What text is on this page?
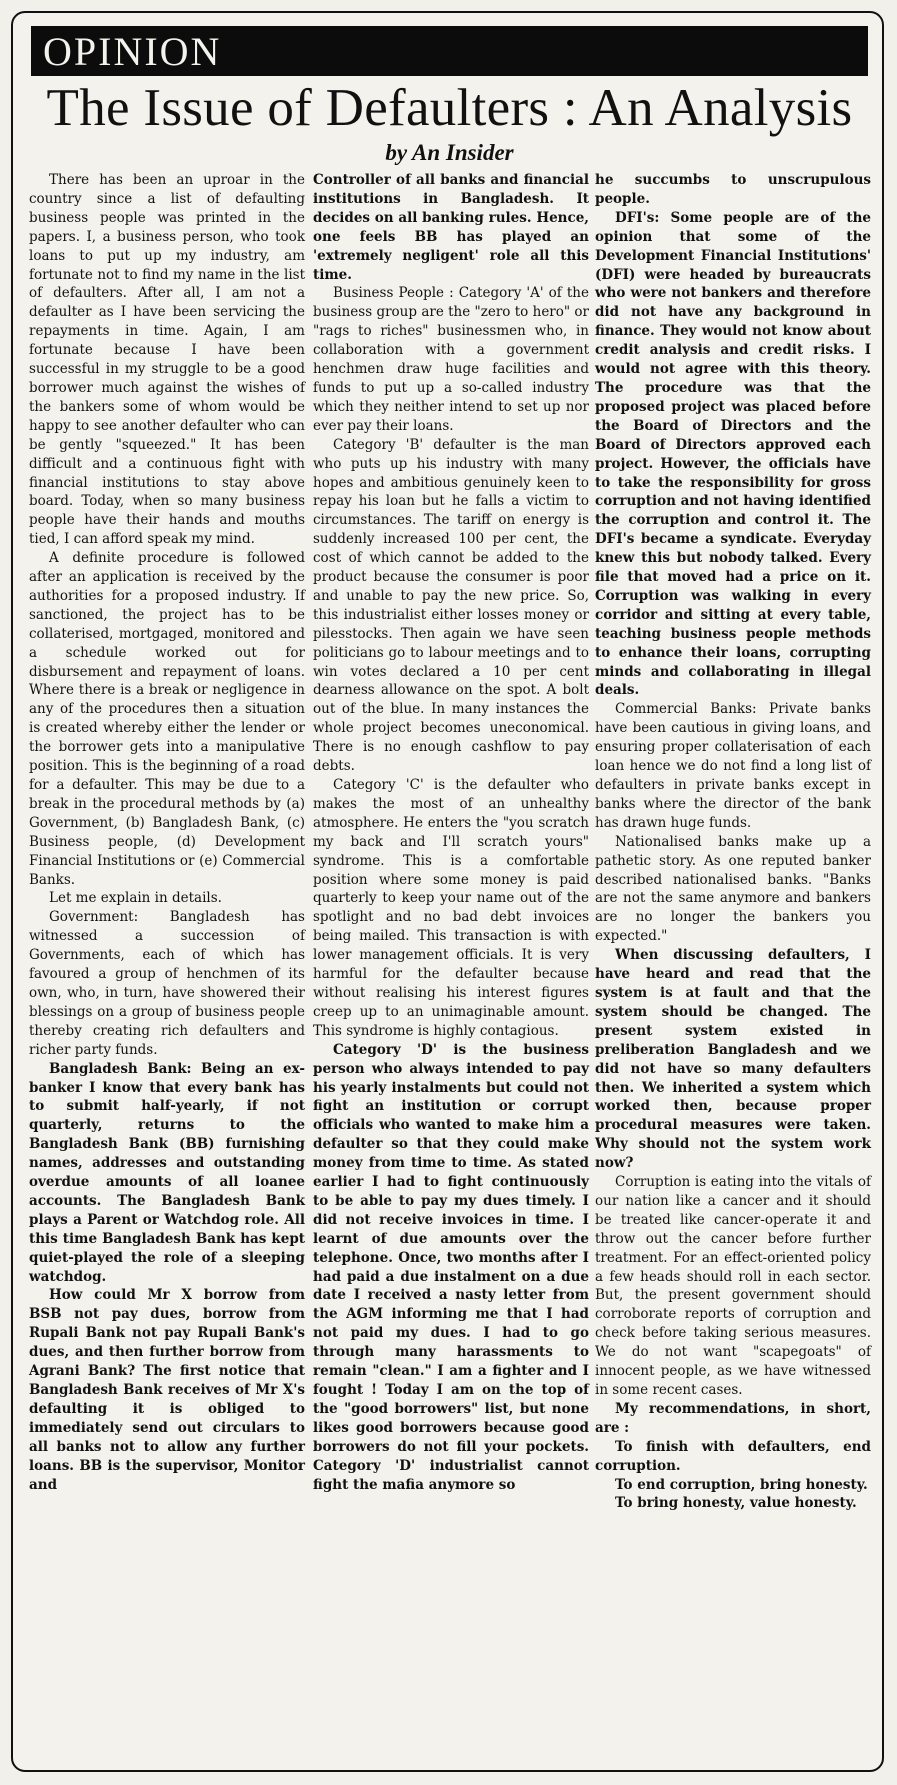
OPINION
The Issue of Defaulters : An Analysis
by An Insider

There has been an uproar in the country since a list of defaulting business people was printed in the papers. I, a business person, who took loans to put up my industry, am fortunate not to find my name in the list of defaulters. After all, I am not a defaulter as I have been servicing the repayments in time. Again, I am fortunate because I have been successful in my struggle to be a good borrower much against the wishes of the bankers some of whom would be happy to see another defaulter who can be gently "squeezed." It has been difficult and a continuous fight with financial institutions to stay above board. Today, when so many business people have their hands and mouths tied, I can afford speak my mind.

A definite procedure is followed after an application is received by the authorities for a proposed industry. If sanctioned, the project has to be collaterised, mortgaged, monitored and a schedule worked out for disbursement and repayment of loans. Where there is a break or negligence in any of the procedures then a situation is created whereby either the lender or the borrower gets into a manipulative position. This is the beginning of a road for a defaulter. This may be due to a break in the procedural methods by (a) Government, (b) Bangladesh Bank, (c) Business people, (d) Development Financial Institutions or (e) Commercial Banks.

Let me explain in details.

Government: Bangladesh has witnessed a succession of Governments, each of which has favoured a group of henchmen of its own, who, in turn, have showered their blessings on a group of business people thereby creating rich defaulters and richer party funds.

Bangladesh Bank: Being an ex-banker I know that every bank has to submit half-yearly, if not quarterly, returns to the Bangladesh Bank (BB) furnishing names, addresses and outstanding overdue amounts of all loanee accounts. The Bangladesh Bank plays a Parent or Watchdog role. All this time Bangladesh Bank has kept quiet-played the role of a sleeping watchdog.

How could Mr X borrow from BSB not pay dues, borrow from Rupali Bank not pay Rupali Bank's dues, and then further borrow from Agrani Bank? The first notice that Bangladesh Bank receives of Mr X's defaulting it is obliged to immediately send out circulars to all banks not to allow any further loans. BB is the supervisor, Monitor and

Controller of all banks and financial institutions in Bangladesh. It decides on all banking rules. Hence, one feels BB has played an 'extremely negligent' role all this time.

Business People : Category 'A' of the business group are the "zero to hero" or "rags to riches" businessmen who, in collaboration with a government henchmen draw huge facilities and funds to put up a so-called industry which they neither intend to set up nor ever pay their loans.

Category 'B' defaulter is the man who puts up his industry with many hopes and ambitious genuinely keen to repay his loan but he falls a victim to circumstances. The tariff on energy is suddenly increased 100 per cent, the cost of which cannot be added to the product because the consumer is poor and unable to pay the new price. So, this industrialist either losses money or pilesstocks. Then again we have seen politicians go to labour meetings and to win votes declared a 10 per cent dearness allowance on the spot. A bolt out of the blue. In many instances the whole project becomes uneconomical. There is no enough cashflow to pay debts.

Category 'C' is the defaulter who makes the most of an unhealthy atmosphere. He enters the "you scratch my back and I'll scratch yours" syndrome. This is a comfortable position where some money is paid quarterly to keep your name out of the spotlight and no bad debt invoices being mailed. This transaction is with lower management officials. It is very harmful for the defaulter because without realising his interest figures creep up to an unimaginable amount. This syndrome is highly contagious.

Category 'D' is the business person who always intended to pay his yearly instalments but could not fight an institution or corrupt officials who wanted to make him a defaulter so that they could make money from time to time. As stated earlier I had to fight continuously to be able to pay my dues timely. I did not receive invoices in time. I learnt of due amounts over the telephone. Once, two months after I had paid a due instalment on a due date I received a nasty letter from the AGM informing me that I had not paid my dues. I had to go through many harassments to remain "clean." I am a fighter and I fought ! Today I am on the top of the "good borrowers" list, but none likes good borrowers because good borrowers do not fill your pockets. Category 'D' industrialist cannot fight the mafia anymore so

he succumbs to unscrupulous people.

DFI's: Some people are of the opinion that some of the Development Financial Institutions' (DFI) were headed by bureaucrats who were not bankers and therefore did not have any background in finance. They would not know about credit analysis and credit risks. I would not agree with this theory. The procedure was that the proposed project was placed before the Board of Directors and the Board of Directors approved each project. However, the officials have to take the responsibility for gross corruption and not having identified the corruption and control it. The DFI's became a syndicate. Everyday knew this but nobody talked. Every file that moved had a price on it. Corruption was walking in every corridor and sitting at every table, teaching business people methods to enhance their loans, corrupting minds and collaborating in illegal deals.

Commercial Banks: Private banks have been cautious in giving loans, and ensuring proper collaterisation of each loan hence we do not find a long list of defaulters in private banks except in banks where the director of the bank has drawn huge funds.

Nationalised banks make up a pathetic story. As one reputed banker described nationalised banks. "Banks are not the same anymore and bankers are no longer the bankers you expected."

When discussing defaulters, I have heard and read that the system is at fault and that the system should be changed. The present system existed in preliberation Bangladesh and we did not have so many defaulters then. We inherited a system which worked then, because proper procedural measures were taken. Why should not the system work now?

Corruption is eating into the vitals of our nation like a cancer and it should be treated like cancer-operate it and throw out the cancer before further treatment. For an effect-oriented policy a few heads should roll in each sector. But, the present government should corroborate reports of corruption and check before taking serious measures. We do not want "scapegoats" of innocent people, as we have witnessed in some recent cases.

My recommendations, in short, are :

To finish with defaulters, end corruption.

To end corruption, bring honesty.

To bring honesty, value honesty.
